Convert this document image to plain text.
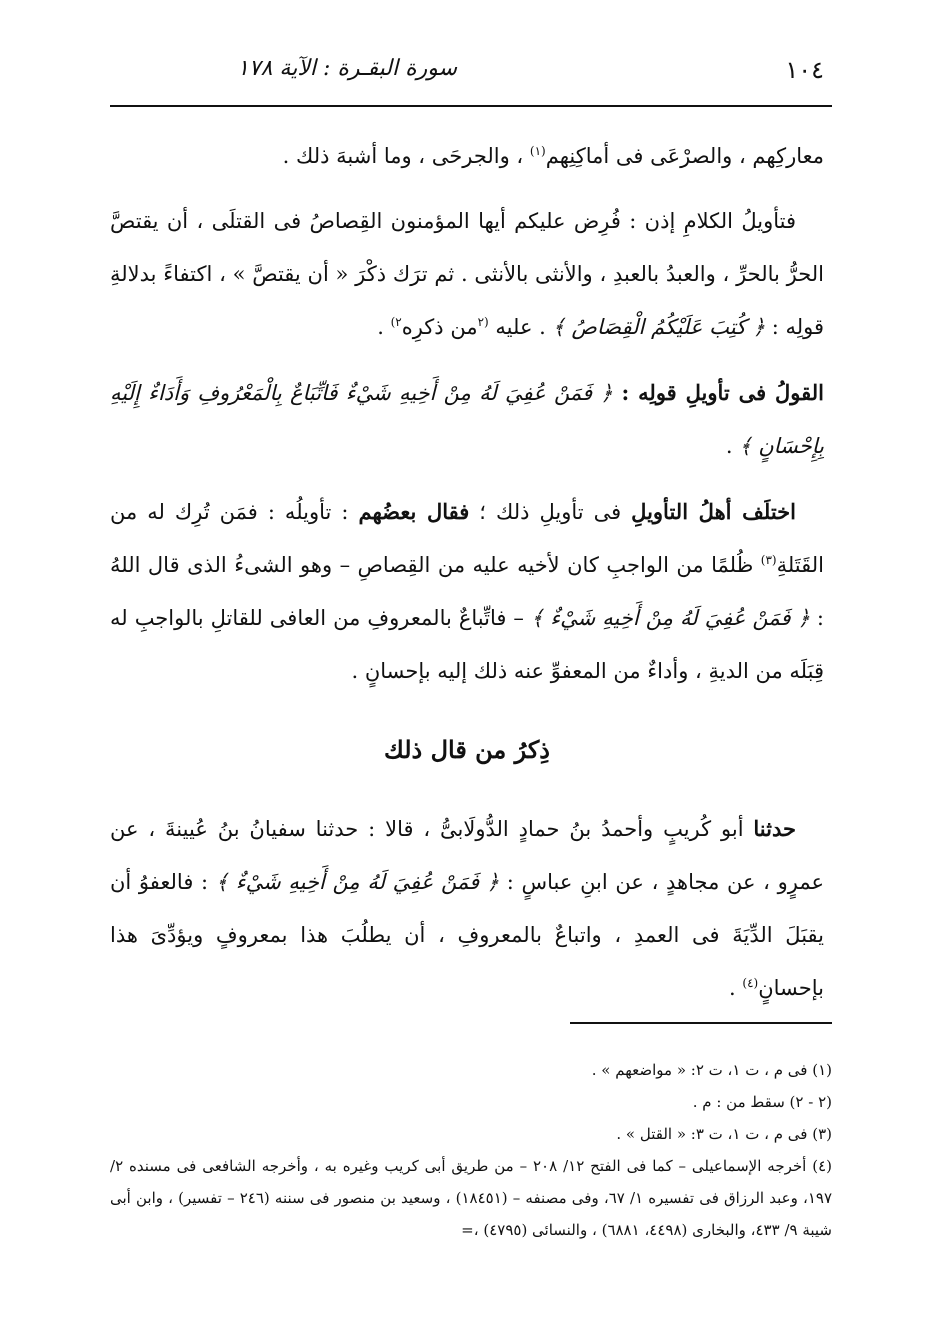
١٠٤
سورة البقـرة : الآية ١٧٨

معاركِهم ، والصرْعَى فى أماكِنِهم$^{(١)}$ ، والجرحَى ، وما أشبهَ ذلك .

فتأويلُ الكلامِ إذن : فُرِض عليكم أيها المؤمنون القِصاصُ فى القتلَى ، أن يقتصَّ الحرُّ بالحرِّ ، والعبدُ بالعبدِ ، والأنثى بالأنثى . ثم ترَك ذكْرَ « أن يقتصَّ » ، اكتفاءً بدلالةِ قولِه : ﴿ كُتِبَ عَلَيْكُمُ الْقِصَاصُ ﴾ . عليه $^{(٢}$من ذكرِه$^{٢)}$ .

القولُ فى تأويلِ قولِه : ﴿ فَمَنْ عُفِيَ لَهُ مِنْ أَخِيهِ شَيْءٌ فَاتِّبَاعٌ بِالْمَعْرُوفِ وَأَدَاءٌ إِلَيْهِ بِإِحْسَانٍ ﴾ .

اختلَف أهلُ التأويلِ فى تأويلِ ذلك ؛ فقال بعضُهم : تأويلُه : فمَن تُرِك له من القَتَلةِ$^{(٣)}$ ظُلمًا من الواجبِ كان لأخيه عليه من القِصاصِ – وهو الشىءُ الذى قال اللهُ : ﴿ فَمَنْ عُفِيَ لَهُ مِنْ أَخِيهِ شَيْءٌ ﴾ – فاتِّباعٌ بالمعروفِ من العافى للقاتلِ بالواجبِ له قِبَلَه من الديةِ ، وأداءٌ من المعفوِّ عنه ذلك إليه بإحسانٍ .

ذِكرُ من قال ذلك

حدثنا أبو كُريبٍ وأحمدُ بنُ حمادٍ الدُّولَابىُّ ، قالا : حدثنا سفيانُ بنُ عُيينةَ ، عن عمرٍو ، عن مجاهدٍ ، عن ابنِ عباسٍ : ﴿ فَمَنْ عُفِيَ لَهُ مِنْ أَخِيهِ شَيْءٌ ﴾ : فالعفوُ أن يقبَلَ الدِّيَةَ فى العمدِ ، واتباعٌ بالمعروفِ ، أن يطلُبَ هذا بمعروفٍ ويؤدِّىَ هذا بإحسانٍ$^{(٤)}$ .

(١) فى م ، ت ١، ت ٢: « مواضعهم » .

(٢ - ٢) سقط من : م .

(٣) فى م ، ت ١، ت ٣: « القتل » .

(٤) أخرجه الإسماعيلى – كما فى الفتح ١٢/ ٢٠٨ – من طريق أبى كريب وغيره به ، وأخرجه الشافعى فى مسنده ٢/ ١٩٧، وعبد الرزاق فى تفسيره ١/ ٦٧، وفى مصنفه – (١٨٤٥١) ، وسعيد بن منصور فى سننه (٢٤٦ – تفسير) ، وابن أبى شيبة ٩/ ٤٣٣، والبخارى (٤٤٩٨، ٦٨٨١) ، والنسائى (٤٧٩٥) ،=
